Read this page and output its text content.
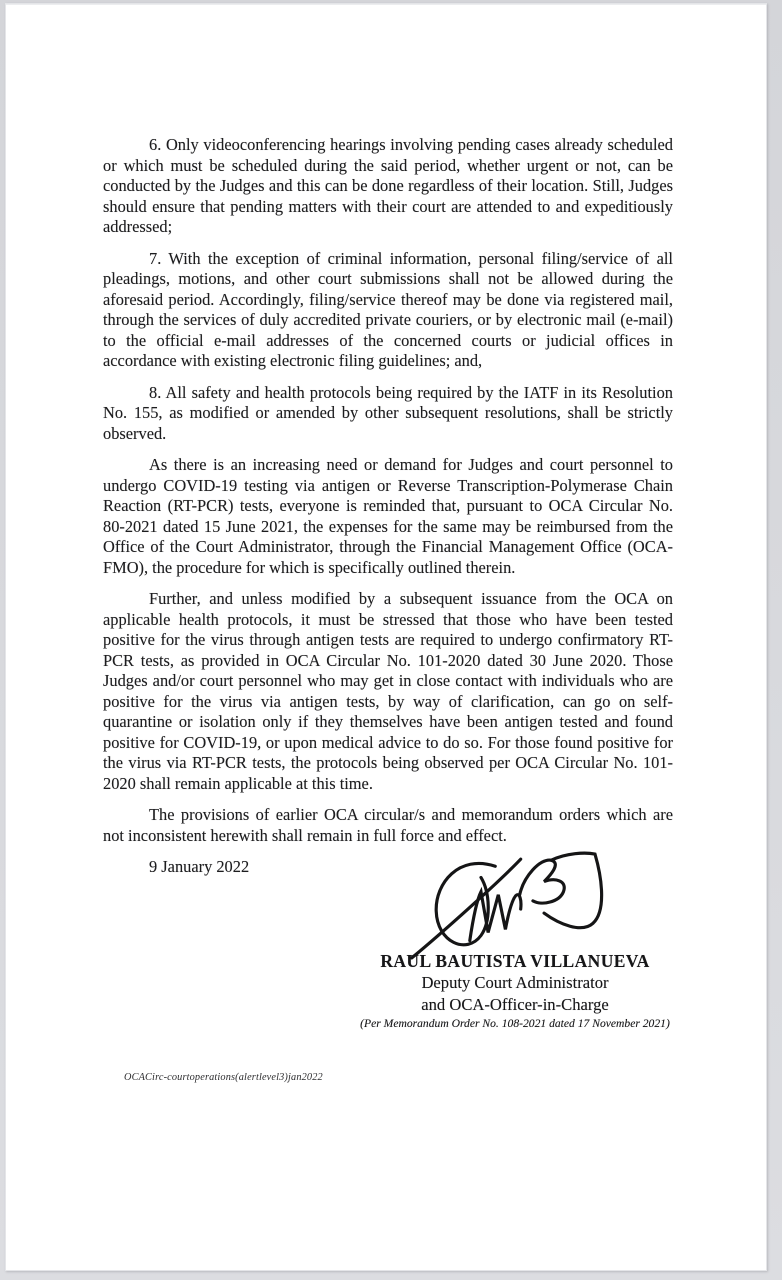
6. Only videoconferencing hearings involving pending cases already scheduled or which must be scheduled during the said period, whether urgent or not, can be conducted by the Judges and this can be done regardless of their location. Still, Judges should ensure that pending matters with their court are attended to and expeditiously addressed;

7. With the exception of criminal information, personal filing/service of all pleadings, motions, and other court submissions shall not be allowed during the aforesaid period. Accordingly, filing/service thereof may be done via registered mail, through the services of duly accredited private couriers, or by electronic mail (e-mail) to the official e-mail addresses of the concerned courts or judicial offices in accordance with existing electronic filing guidelines; and,

8. All safety and health protocols being required by the IATF in its Resolution No. 155, as modified or amended by other subsequent resolutions, shall be strictly observed.

As there is an increasing need or demand for Judges and court personnel to undergo COVID-19 testing via antigen or Reverse Transcription-Polymerase Chain Reaction (RT-PCR) tests, everyone is reminded that, pursuant to OCA Circular No. 80-2021 dated 15 June 2021, the expenses for the same may be reimbursed from the Office of the Court Administrator, through the Financial Management Office (OCA-FMO), the procedure for which is specifically outlined therein.

Further, and unless modified by a subsequent issuance from the OCA on applicable health protocols, it must be stressed that those who have been tested positive for the virus through antigen tests are required to undergo confirmatory RT-PCR tests, as provided in OCA Circular No. 101-2020 dated 30 June 2020. Those Judges and/or court personnel who may get in close contact with individuals who are positive for the virus via antigen tests, by way of clarification, can go on self-quarantine or isolation only if they themselves have been antigen tested and found positive for COVID-19, or upon medical advice to do so. For those found positive for the virus via RT-PCR tests, the protocols being observed per OCA Circular No. 101-2020 shall remain applicable at this time.

The provisions of earlier OCA circular/s and memorandum orders which are not inconsistent herewith shall remain in full force and effect.

9 January 2022

RAUL BAUTISTA VILLANUEVA
Deputy Court Administrator
and OCA-Officer-in-Charge
(Per Memorandum Order No. 108-2021 dated 17 November 2021)
OCACirc-courtoperations(alertlevel3)jan2022
